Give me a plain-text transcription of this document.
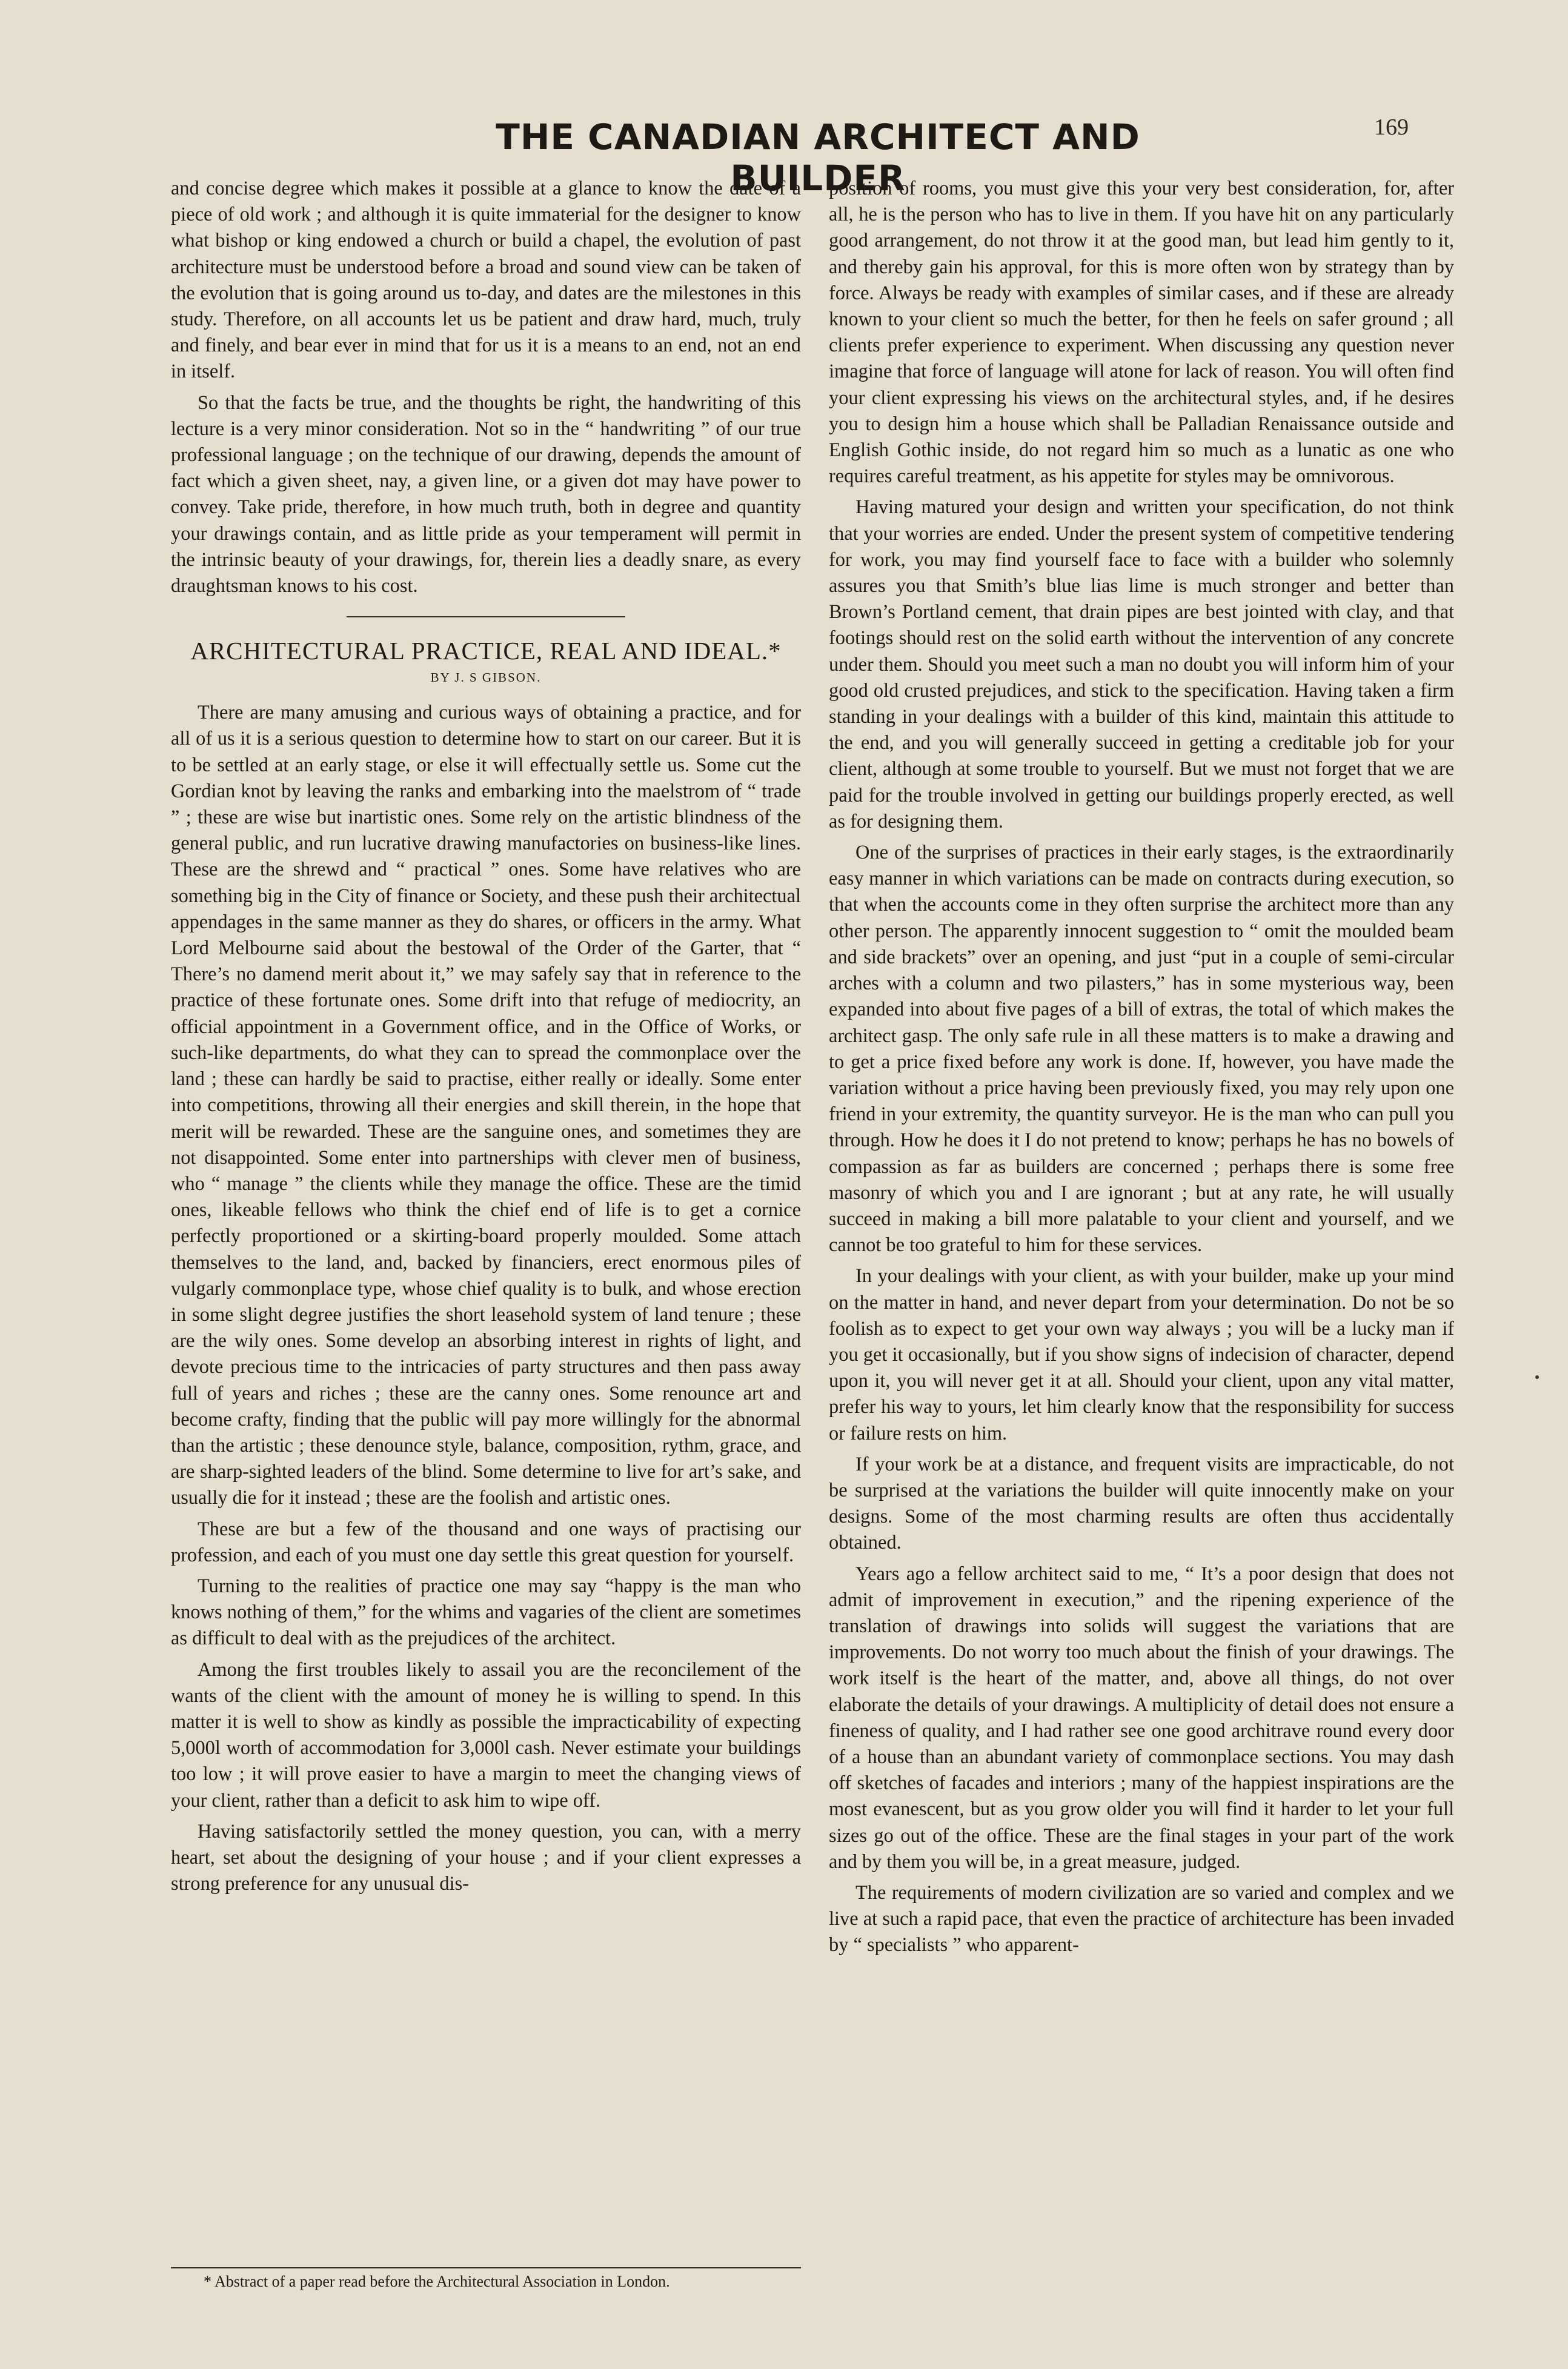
THE CANADIAN ARCHITECT AND BUILDER
169

and concise degree which makes it possible at a glance to know the date of a piece of old work ; and although it is quite immaterial for the designer to know what bishop or king endowed a church or build a chapel, the evolution of past architecture must be understood before a broad and sound view can be taken of the evolution that is going around us to-day, and dates are the milestones in this study. Therefore, on all accounts let us be patient and draw hard, much, truly and finely, and bear ever in mind that for us it is a means to an end, not an end in itself.

So that the facts be true, and the thoughts be right, the handwriting of this lecture is a very minor consideration. Not so in the “ handwriting ” of our true professional language ; on the technique of our drawing, depends the amount of fact which a given sheet, nay, a given line, or a given dot may have power to convey. Take pride, therefore, in how much truth, both in degree and quantity your drawings contain, and as little pride as your temperament will permit in the intrinsic beauty of your drawings, for, therein lies a deadly snare, as every draughtsman knows to his cost.

ARCHITECTURAL PRACTICE, REAL AND IDEAL.*
BY J. S GIBSON.

There are many amusing and curious ways of obtaining a practice, and for all of us it is a serious question to determine how to start on our career. But it is to be settled at an early stage, or else it will effectually settle us. Some cut the Gordian knot by leaving the ranks and embarking into the maelstrom of “ trade ” ; these are wise but inartistic ones. Some rely on the artistic blindness of the general public, and run lucrative drawing manufactories on business-like lines. These are the shrewd and “ practical ” ones. Some have relatives who are something big in the City of finance or Society, and these push their architectual appendages in the same manner as they do shares, or officers in the army. What Lord Melbourne said about the bestowal of the Order of the Garter, that “ There’s no damend merit about it,” we may safely say that in reference to the practice of these fortunate ones. Some drift into that refuge of mediocrity, an official appointment in a Government office, and in the Office of Works, or such-like departments, do what they can to spread the commonplace over the land ; these can hardly be said to practise, either really or ideally. Some enter into competitions, throwing all their energies and skill therein, in the hope that merit will be rewarded. These are the sanguine ones, and sometimes they are not disappointed. Some enter into partnerships with clever men of business, who “ manage ” the clients while they manage the office. These are the timid ones, likeable fellows who think the chief end of life is to get a cornice perfectly proportioned or a skirting-board properly moulded. Some attach themselves to the land, and, backed by financiers, erect enormous piles of vulgarly commonplace type, whose chief quality is to bulk, and whose erection in some slight degree justifies the short leasehold system of land tenure ; these are the wily ones. Some develop an absorbing interest in rights of light, and devote precious time to the intricacies of party structures and then pass away full of years and riches ; these are the canny ones. Some renounce art and become crafty, finding that the public will pay more willingly for the abnormal than the artistic ; these denounce style, balance, composition, rythm, grace, and are sharp-sighted leaders of the blind. Some determine to live for art’s sake, and usually die for it instead ; these are the foolish and artistic ones.

These are but a few of the thousand and one ways of practising our profession, and each of you must one day settle this great question for yourself.

Turning to the realities of practice one may say “happy is the man who knows nothing of them,” for the whims and vagaries of the client are sometimes as difficult to deal with as the prejudices of the architect.

Among the first troubles likely to assail you are the reconcilement of the wants of the client with the amount of money he is willing to spend. In this matter it is well to show as kindly as possible the impracticability of expecting 5,000l worth of accommodation for 3,000l cash. Never estimate your buildings too low ; it will prove easier to have a margin to meet the changing views of your client, rather than a deficit to ask him to wipe off.

Having satisfactorily settled the money question, you can, with a merry heart, set about the designing of your house ; and if your client expresses a strong preference for any unusual dis-

* Abstract of a paper read before the Architectural Association in London.

position of rooms, you must give this your very best consideration, for, after all, he is the person who has to live in them. If you have hit on any particularly good arrangement, do not throw it at the good man, but lead him gently to it, and thereby gain his approval, for this is more often won by strategy than by force. Always be ready with examples of similar cases, and if these are already known to your client so much the better, for then he feels on safer ground ; all clients prefer experience to experiment. When discussing any question never imagine that force of language will atone for lack of reason. You will often find your client expressing his views on the architectural styles, and, if he desires you to design him a house which shall be Palladian Renaissance outside and English Gothic inside, do not regard him so much as a lunatic as one who requires careful treatment, as his appetite for styles may be omnivorous.

Having matured your design and written your specification, do not think that your worries are ended. Under the present system of competitive tendering for work, you may find yourself face to face with a builder who solemnly assures you that Smith’s blue lias lime is much stronger and better than Brown’s Portland cement, that drain pipes are best jointed with clay, and that footings should rest on the solid earth without the intervention of any concrete under them. Should you meet such a man no doubt you will inform him of your good old crusted prejudices, and stick to the specification. Having taken a firm standing in your dealings with a builder of this kind, maintain this attitude to the end, and you will generally succeed in getting a creditable job for your client, although at some trouble to yourself. But we must not forget that we are paid for the trouble involved in getting our buildings properly erected, as well as for designing them.

One of the surprises of practices in their early stages, is the extraordinarily easy manner in which variations can be made on contracts during execution, so that when the accounts come in they often surprise the architect more than any other person. The apparently innocent suggestion to “ omit the moulded beam and side brackets” over an opening, and just “put in a couple of semi-circular arches with a column and two pilasters,” has in some mysterious way, been expanded into about five pages of a bill of extras, the total of which makes the architect gasp. The only safe rule in all these matters is to make a drawing and to get a price fixed before any work is done. If, however, you have made the variation without a price having been previously fixed, you may rely upon one friend in your extremity, the quantity surveyor. He is the man who can pull you through. How he does it I do not pretend to know; perhaps he has no bowels of compassion as far as builders are concerned ; perhaps there is some free masonry of which you and I are ignorant ; but at any rate, he will usually succeed in making a bill more palatable to your client and yourself, and we cannot be too grateful to him for these services.

In your dealings with your client, as with your builder, make up your mind on the matter in hand, and never depart from your determination. Do not be so foolish as to expect to get your own way always ; you will be a lucky man if you get it occasionally, but if you show signs of indecision of character, depend upon it, you will never get it at all. Should your client, upon any vital matter, prefer his way to yours, let him clearly know that the responsibility for success or failure rests on him.

If your work be at a distance, and frequent visits are impracticable, do not be surprised at the variations the builder will quite innocently make on your designs. Some of the most charming results are often thus accidentally obtained.

Years ago a fellow architect said to me, “ It’s a poor design that does not admit of improvement in execution,” and the ripening experience of the translation of drawings into solids will suggest the variations that are improvements. Do not worry too much about the finish of your drawings. The work itself is the heart of the matter, and, above all things, do not over elaborate the details of your drawings. A multiplicity of detail does not ensure a fineness of quality, and I had rather see one good architrave round every door of a house than an abundant variety of commonplace sections. You may dash off sketches of facades and interiors ; many of the happiest inspirations are the most evanescent, but as you grow older you will find it harder to let your full sizes go out of the office. These are the final stages in your part of the work and by them you will be, in a great measure, judged.

The requirements of modern civilization are so varied and complex and we live at such a rapid pace, that even the practice of architecture has been invaded by “ specialists ” who apparent-
